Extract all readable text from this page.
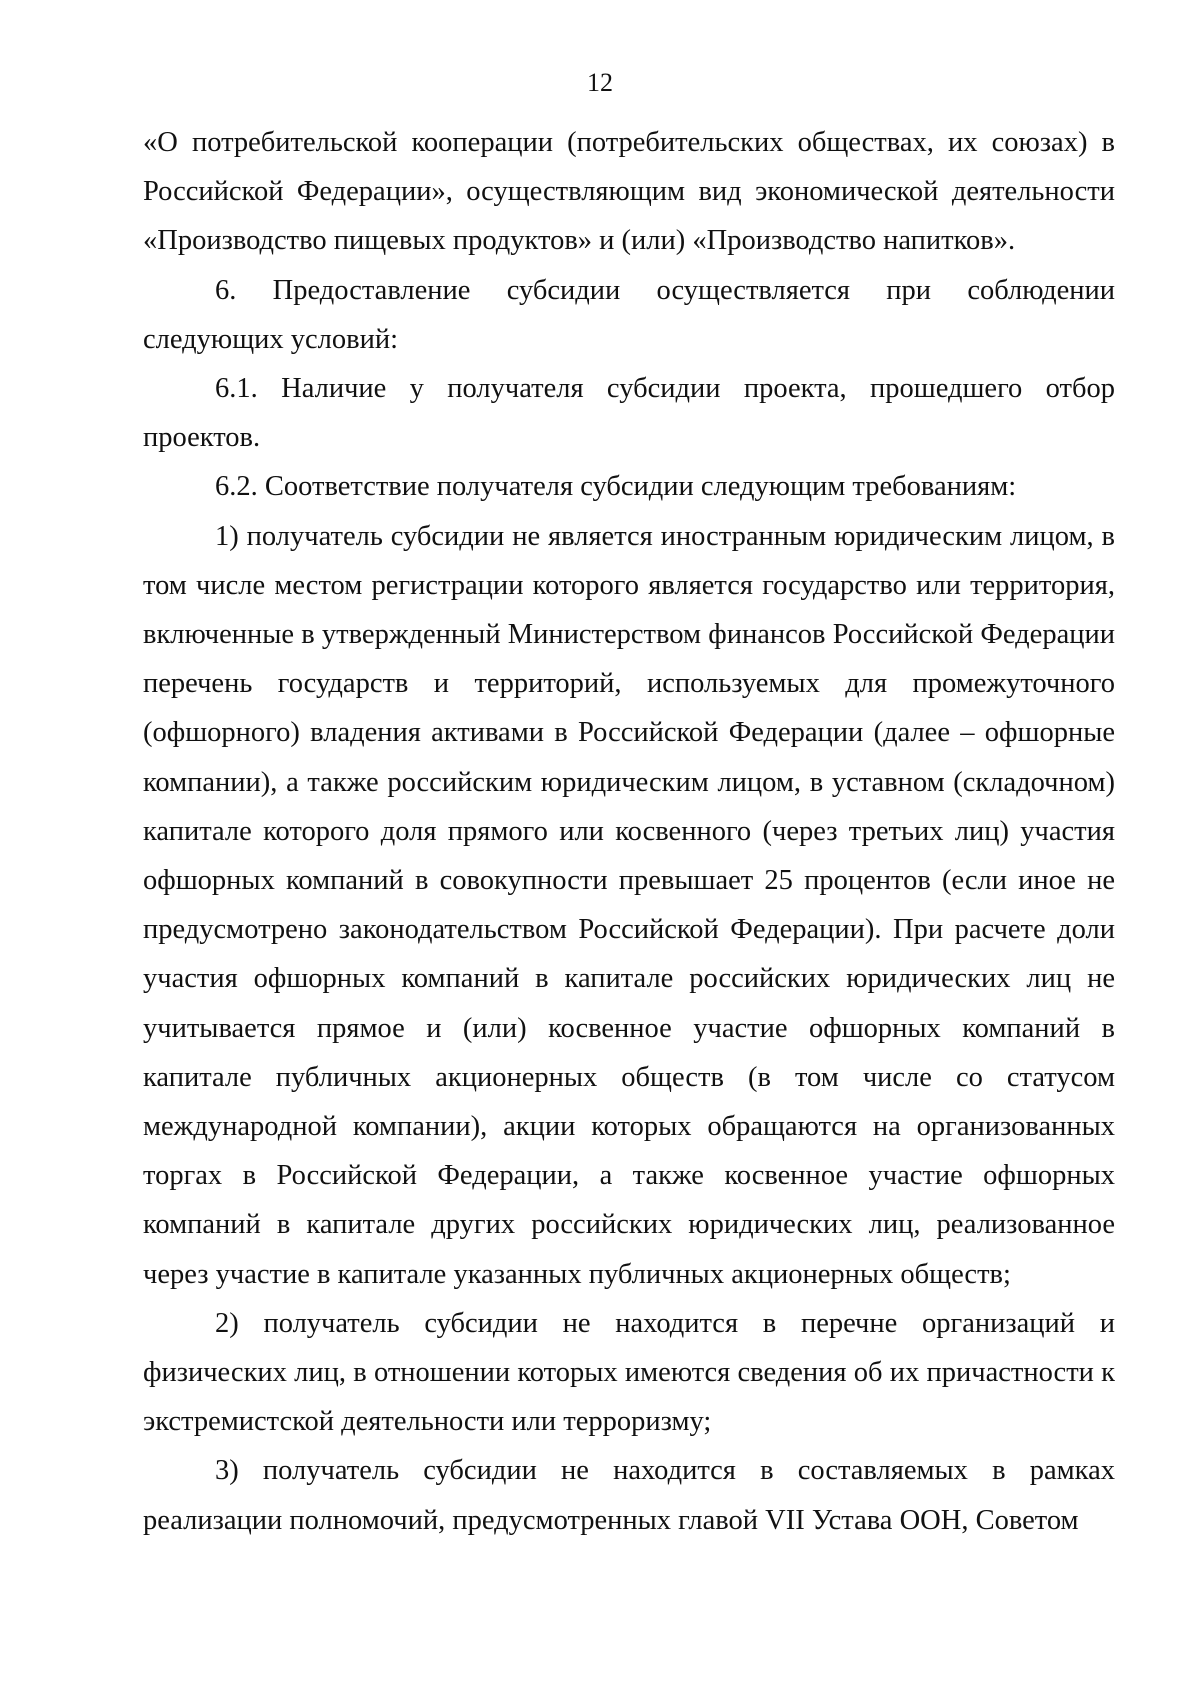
12

«О потребительской кооперации (потребительских обществах, их союзах) в Российской Федерации», осуществляющим вид экономической деятельности «Производство пищевых продуктов» и (или) «Производство напитков».

6. Предоставление субсидии осуществляется при соблюдении следующих условий:

6.1. Наличие у получателя субсидии проекта, прошедшего отбор проектов.

6.2. Соответствие получателя субсидии следующим требованиям:

1) получатель субсидии не является иностранным юридическим лицом, в том числе местом регистрации которого является государство или территория, включенные в утвержденный Министерством финансов Российской Федерации перечень государств и территорий, используемых для промежуточного (офшорного) владения активами в Российской Федерации (далее – офшорные компании), а также российским юридическим лицом, в уставном (складочном) капитале которого доля прямого или косвенного (через третьих лиц) участия офшорных компаний в совокупности превышает 25 процентов (если иное не предусмотрено законодательством Российской Федерации). При расчете доли участия офшорных компаний в капитале российских юридических лиц не учитывается прямое и (или) косвенное участие офшорных компаний в капитале публичных акционерных обществ (в том числе со статусом международной компании), акции которых обращаются на организованных торгах в Российской Федерации, а также косвенное участие офшорных компаний в капитале других российских юридических лиц, реализованное через участие в капитале указанных публичных акционерных обществ;

2) получатель субсидии не находится в перечне организаций и физических лиц, в отношении которых имеются сведения об их причастности к экстремистской деятельности или терроризму;

3) получатель субсидии не находится в составляемых в рамках реализации полномочий, предусмотренных главой VII Устава ООН, Советом
